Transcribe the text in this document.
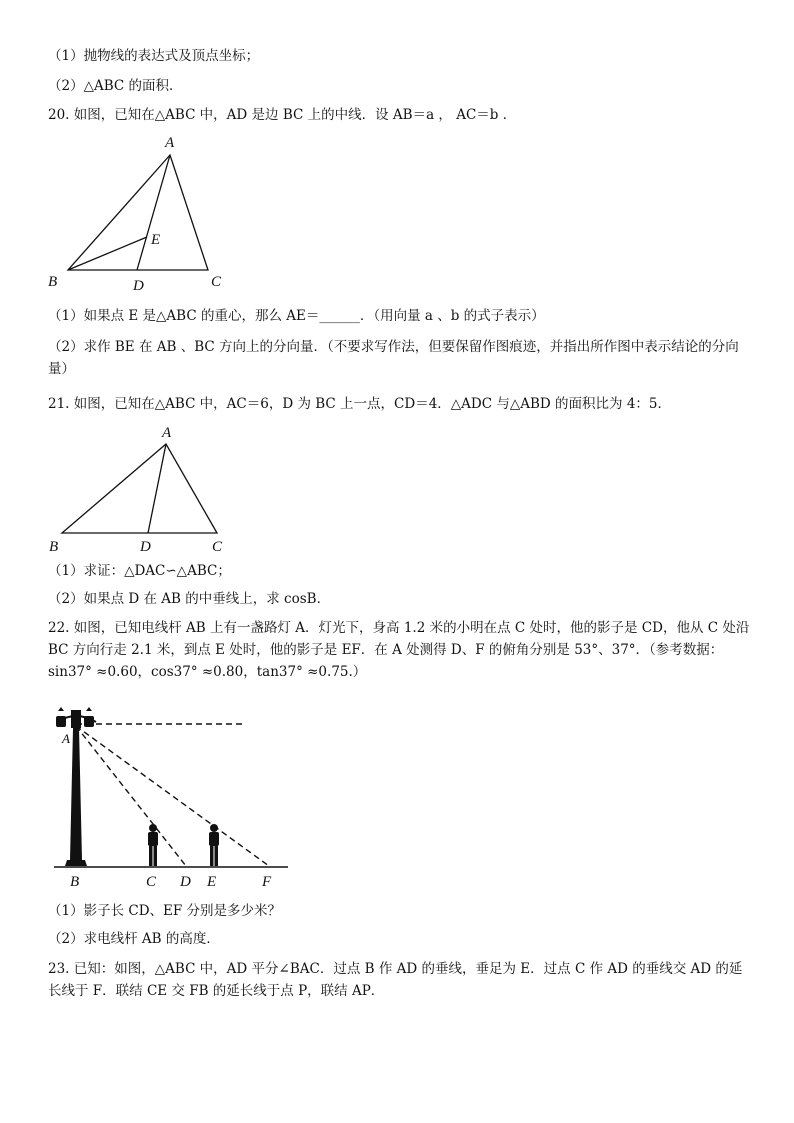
（1）抛物线的表达式及顶点坐标；
（2）△ABC 的面积．
20. 如图，已知在△ABC 中，AD 是边 BC 上的中线．设 AB＝a ， AC＝b ．
A
B	C
D
E
（1）如果点 E 是△ABC 的重心，那么 AE＝______．（用向量 a 、b 的式子表示）
（2）求作 BE 在 AB 、BC 方向上的分向量．（不要求写作法，但要保留作图痕迹，并指出所作图中表示结论的分向量）
21. 如图，已知在△ABC 中，AC＝6，D 为 BC 上一点，CD＝4．△ADC 与△ABD 的面积比为 4：5．
A
B	D	C
（1）求证：△DAC∽△ABC；
（2）如果点 D 在 AB 的中垂线上，求 cosB．
22. 如图，已知电线杆 AB 上有一盏路灯 A．灯光下，身高 1.2 米的小明在点 C 处时，他的影子是 CD，他从 C 处沿 BC 方向行走 2.1 米，到点 E 处时，他的影子是 EF．在 A 处测得 D、F 的俯角分别是 53°、37°．（参考数据：sin37° ≈0.60，cos37° ≈0.80，tan37° ≈0.75.）
A
B	C D E	F
（1）影子长 CD、EF 分别是多少米？
（2）求电线杆 AB 的高度．
23. 已知：如图，△ABC 中，AD 平分∠BAC．过点 B 作 AD 的垂线，垂足为 E．过点 C 作 AD 的垂线交 AD 的延长线于 F．联结 CE 交 FB 的延长线于点 P，联结 AP．
